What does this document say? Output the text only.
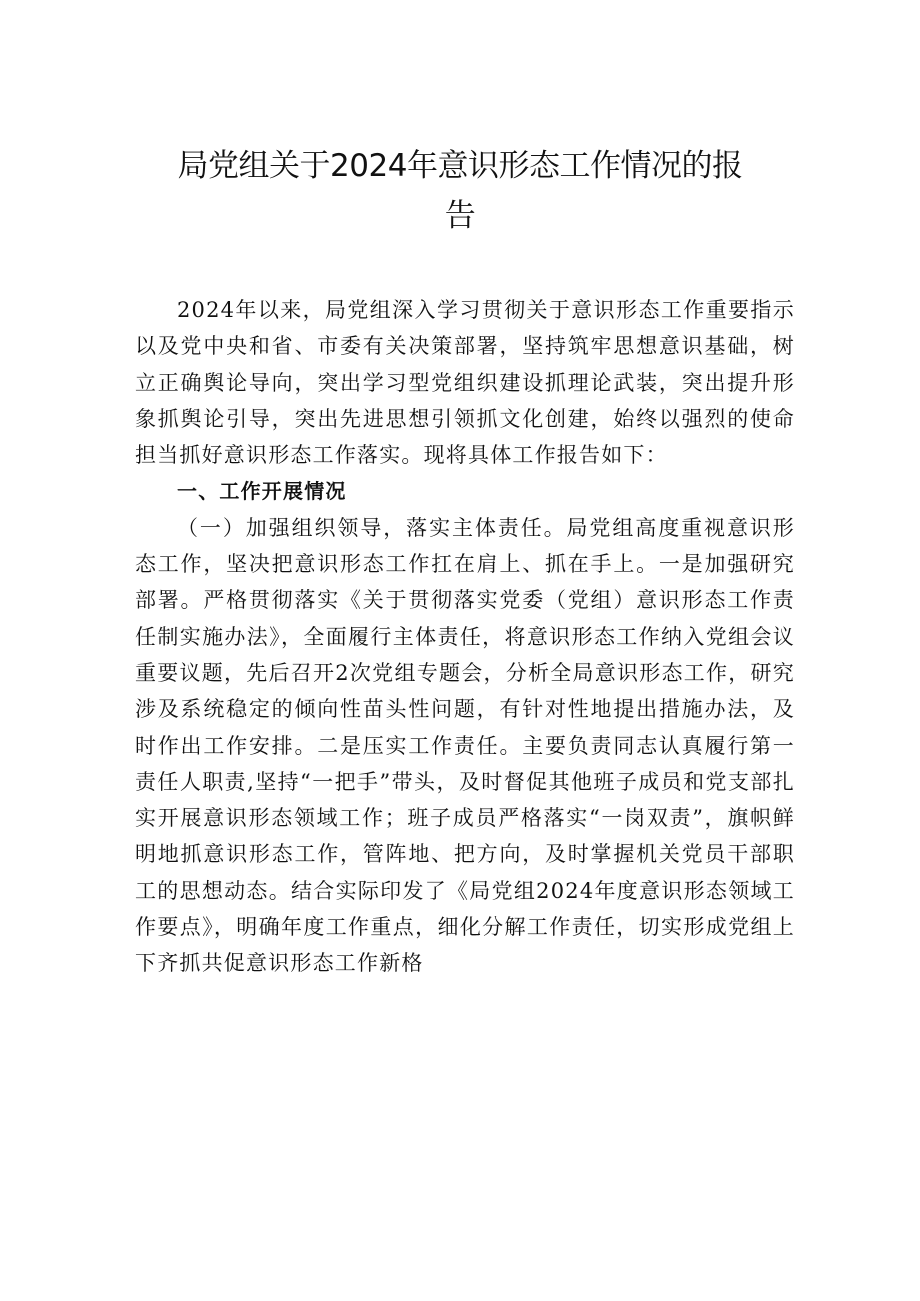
局党组关于2024年意识形态工作情况的报
告

2024年以来，局党组深入学习贯彻关于意识形态工作重要指示以及党中央和省、市委有关决策部署，坚持筑牢思想意识基础，树立正确舆论导向，突出学习型党组织建设抓理论武装，突出提升形象抓舆论引导，突出先进思想引领抓文化创建，始终以强烈的使命担当抓好意识形态工作落实。现将具体工作报告如下：

一、工作开展情况

（一）加强组织领导，落实主体责任。局党组高度重视意识形态工作，坚决把意识形态工作扛在肩上、抓在手上。一是加强研究部署。严格贯彻落实《关于贯彻落实党委（党组）意识形态工作责任制实施办法》，全面履行主体责任，将意识形态工作纳入党组会议重要议题，先后召开2次党组专题会，分析全局意识形态工作，研究涉及系统稳定的倾向性苗头性问题，有针对性地提出措施办法，及时作出工作安排。二是压实工作责任。主要负责同志认真履行第一责任人职责,坚持“一把手”带头，及时督促其他班子成员和党支部扎实开展意识形态领域工作；班子成员严格落实“一岗双责”，旗帜鲜明地抓意识形态工作，管阵地、把方向，及时掌握机关党员干部职工的思想动态。结合实际印发了《局党组2024年度意识形态领域工作要点》，明确年度工作重点，细化分解工作责任，切实形成党组上下齐抓共促意识形态工作新格
